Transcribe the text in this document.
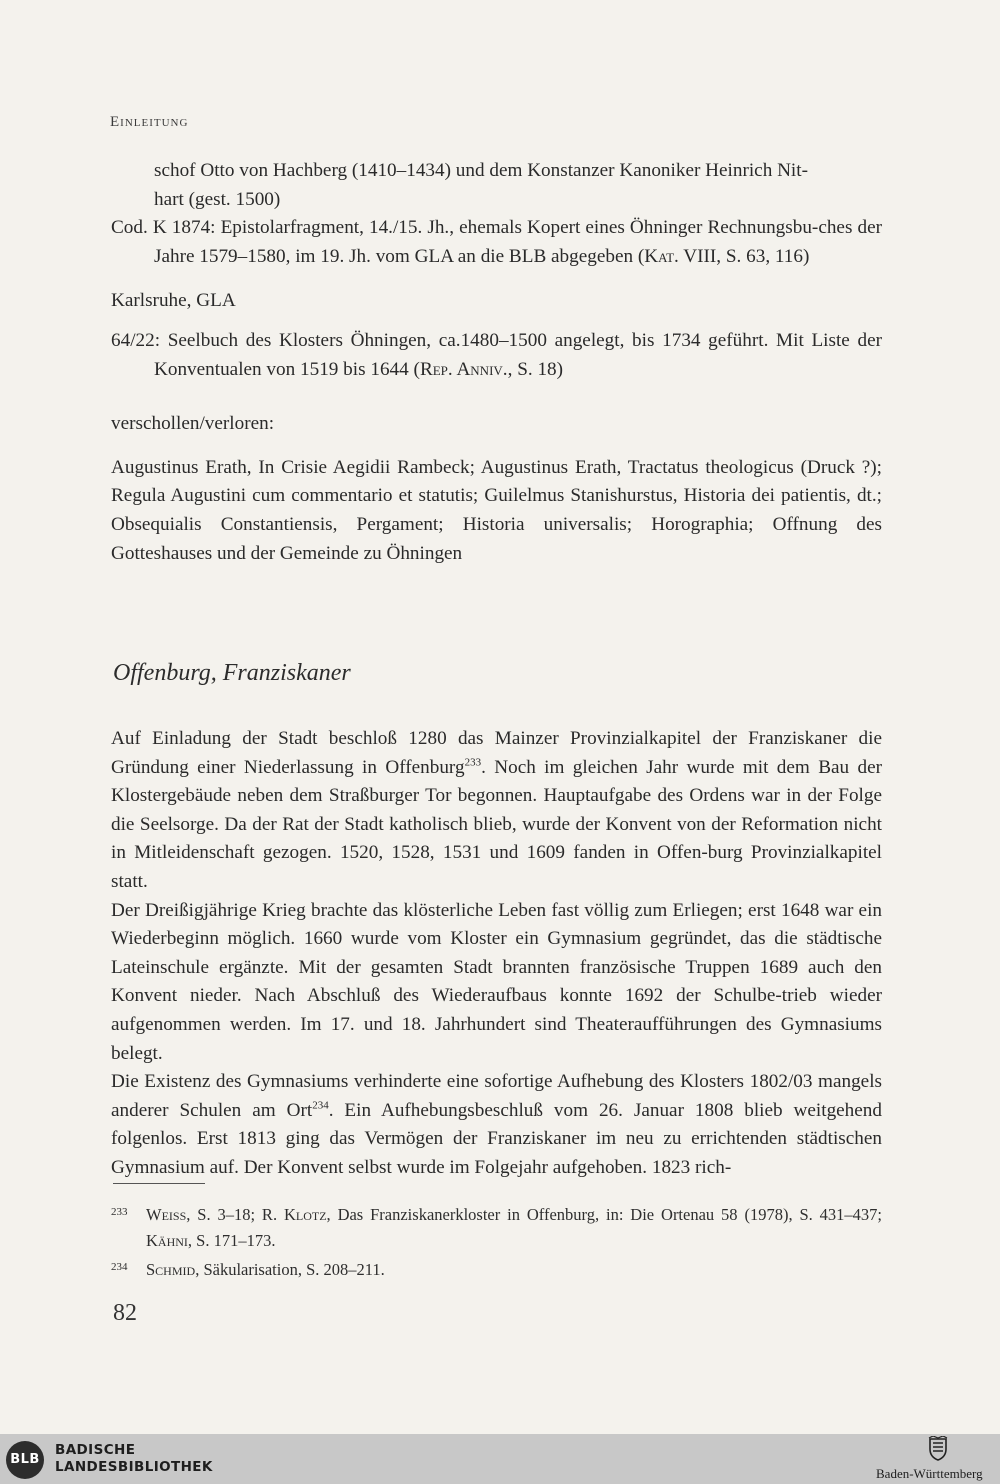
Einleitung

schof Otto von Hachberg (1410–1434) und dem Konstanzer Kanoniker Heinrich Nit-
hart (gest. 1500)

Cod. K 1874: Epistolarfragment, 14./15. Jh., ehemals Kopert eines Öhninger Rechnungsbu-ches der Jahre 1579–1580, im 19. Jh. vom GLA an die BLB abgegeben (Kat. VIII, S. 63, 116)

Karlsruhe, GLA

64/22: Seelbuch des Klosters Öhningen, ca.1480–1500 angelegt, bis 1734 geführt. Mit Liste der Konventualen von 1519 bis 1644 (Rep. Anniv., S. 18)

verschollen/verloren:

Augustinus Erath, In Crisie Aegidii Rambeck; Augustinus Erath, Tractatus theologicus (Druck ?); Regula Augustini cum commentario et statutis; Guilelmus Stanishurstus, Historia dei patientis, dt.; Obsequialis Constantiensis, Pergament; Historia universalis; Horographia; Offnung des Gotteshauses und der Gemeinde zu Öhningen

Offenburg, Franziskaner

Auf Einladung der Stadt beschloß 1280 das Mainzer Provinzialkapitel der Franziskaner die Gründung einer Niederlassung in Offenburg$^{233}$. Noch im gleichen Jahr wurde mit dem Bau der Klostergebäude neben dem Straßburger Tor begonnen. Hauptaufgabe des Ordens war in der Folge die Seelsorge. Da der Rat der Stadt katholisch blieb, wurde der Konvent von der Reformation nicht in Mitleidenschaft gezogen. 1520, 1528, 1531 und 1609 fanden in Offen-burg Provinzialkapitel statt.

Der Dreißigjährige Krieg brachte das klösterliche Leben fast völlig zum Erliegen; erst 1648 war ein Wiederbeginn möglich. 1660 wurde vom Kloster ein Gymnasium gegründet, das die städtische Lateinschule ergänzte. Mit der gesamten Stadt brannten französische Truppen 1689 auch den Konvent nieder. Nach Abschluß des Wiederaufbaus konnte 1692 der Schulbe-trieb wieder aufgenommen werden. Im 17. und 18. Jahrhundert sind Theateraufführungen des Gymnasiums belegt.

Die Existenz des Gymnasiums verhinderte eine sofortige Aufhebung des Klosters 1802/03 mangels anderer Schulen am Ort$^{234}$. Ein Aufhebungsbeschluß vom 26. Januar 1808 blieb weitgehend folgenlos. Erst 1813 ging das Vermögen der Franziskaner im neu zu errichtenden städtischen Gymnasium auf. Der Konvent selbst wurde im Folgejahr aufgehoben. 1823 rich-

233 Weiss, S. 3–18; R. Klotz, Das Franziskanerkloster in Offenburg, in: Die Ortenau 58 (1978), S. 431–437; Kähni, S. 171–173.

234 Schmid, Säkularisation, S. 208–211.

82
BLB
BADISCHE
LANDESBIBLIOTHEK	Baden-Württemberg
